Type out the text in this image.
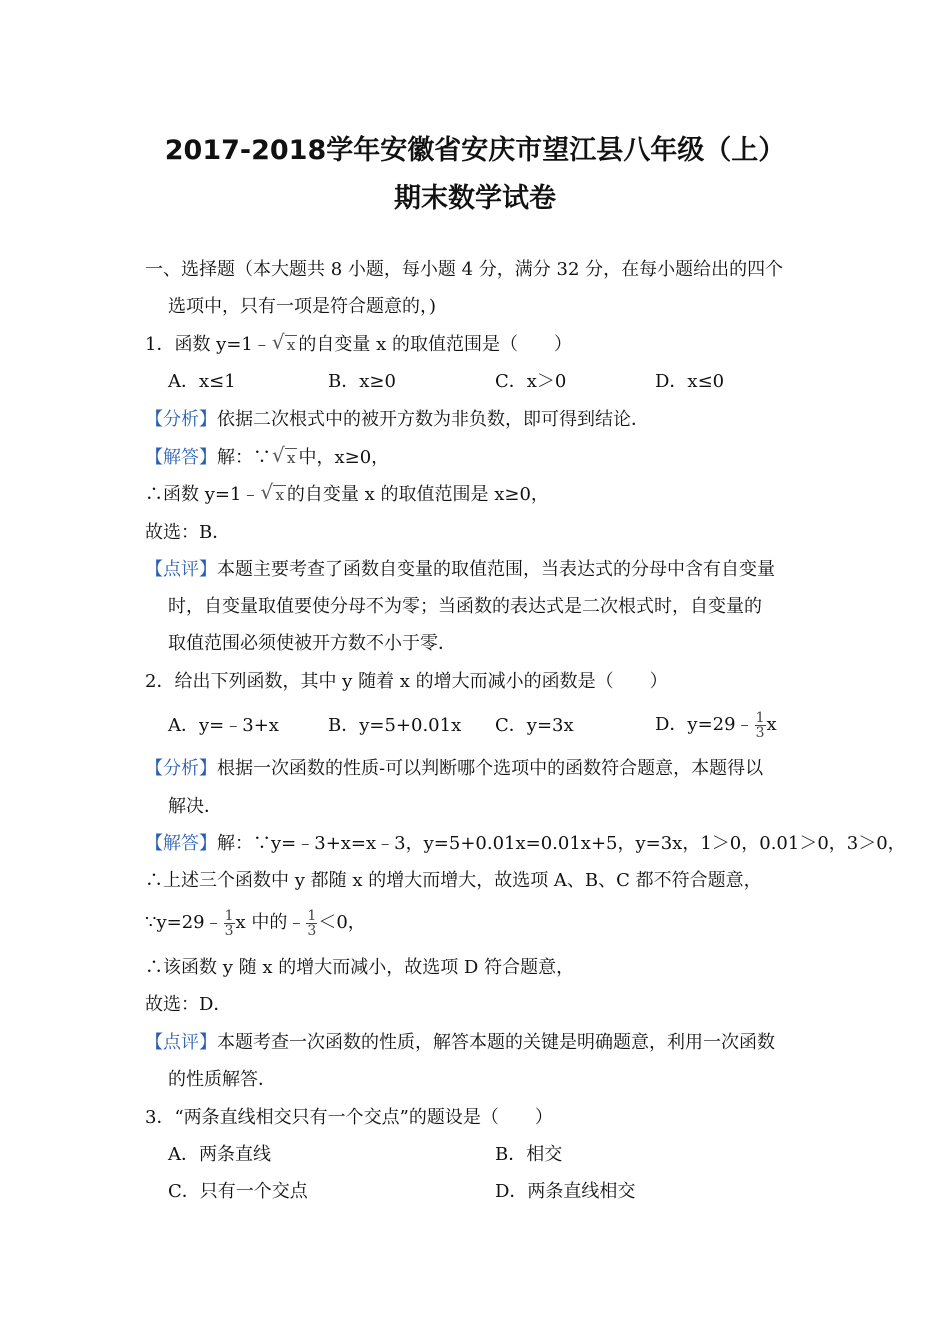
2017-2018学年安徽省安庆市望江县八年级（上）
期末数学试卷
一、选择题（本大题共 8 小题，每小题 4 分，满分 32 分，在每小题给出的四个
选项中，只有一项是符合题意的，)
1．函数 y=1﹣ √ x 的自变量 x 的取值范围是（　　）
A．x≤1	B．x≥0	C．x＞0	D．x≤0
【分析】依据二次根式中的被开方数为非负数，即可得到结论．
【解答】解：∵ √ x 中，x≥0，
∴函数 y=1﹣ √ x 的自变量 x 的取值范围是 x≥0，
故选：B．
【点评】本题主要考查了函数自变量的取值范围，当表达式的分母中含有自变量
时，自变量取值要使分母不为零；当函数的表达式是二次根式时，自变量的
取值范围必须使被开方数不小于零．
2．给出下列函数，其中 y 随着 x 的增大而减小的函数是（　　）
A．y=﹣3+x	B．y=5+0.01x C．y=3x	D．y=29﹣ $\frac{1}{3}$ x
【分析】根据一次函数的性质-可以判断哪个选项中的函数符合题意，本题得以
解决．
【解答】解：∵y=﹣3+x=x﹣3，y=5+0.01x=0.01x+5，y=3x，1＞0，0.01＞0，3＞0，
∴上述三个函数中 y 都随 x 的增大而增大，故选项 A、B、C 都不符合题意，
∵y=29﹣ $\frac{1}{3}$ x 中的﹣ $\frac{1}{3} <0$，
∴该函数 y 随 x 的增大而减小，故选项 D 符合题意，
故选：D．
【点评】本题考查一次函数的性质，解答本题的关键是明确题意，利用一次函数
的性质解答．
3．“两条直线相交只有一个交点”的题设是（　　）
A．两条直线	B．相交
C．只有一个交点	D．两条直线相交
